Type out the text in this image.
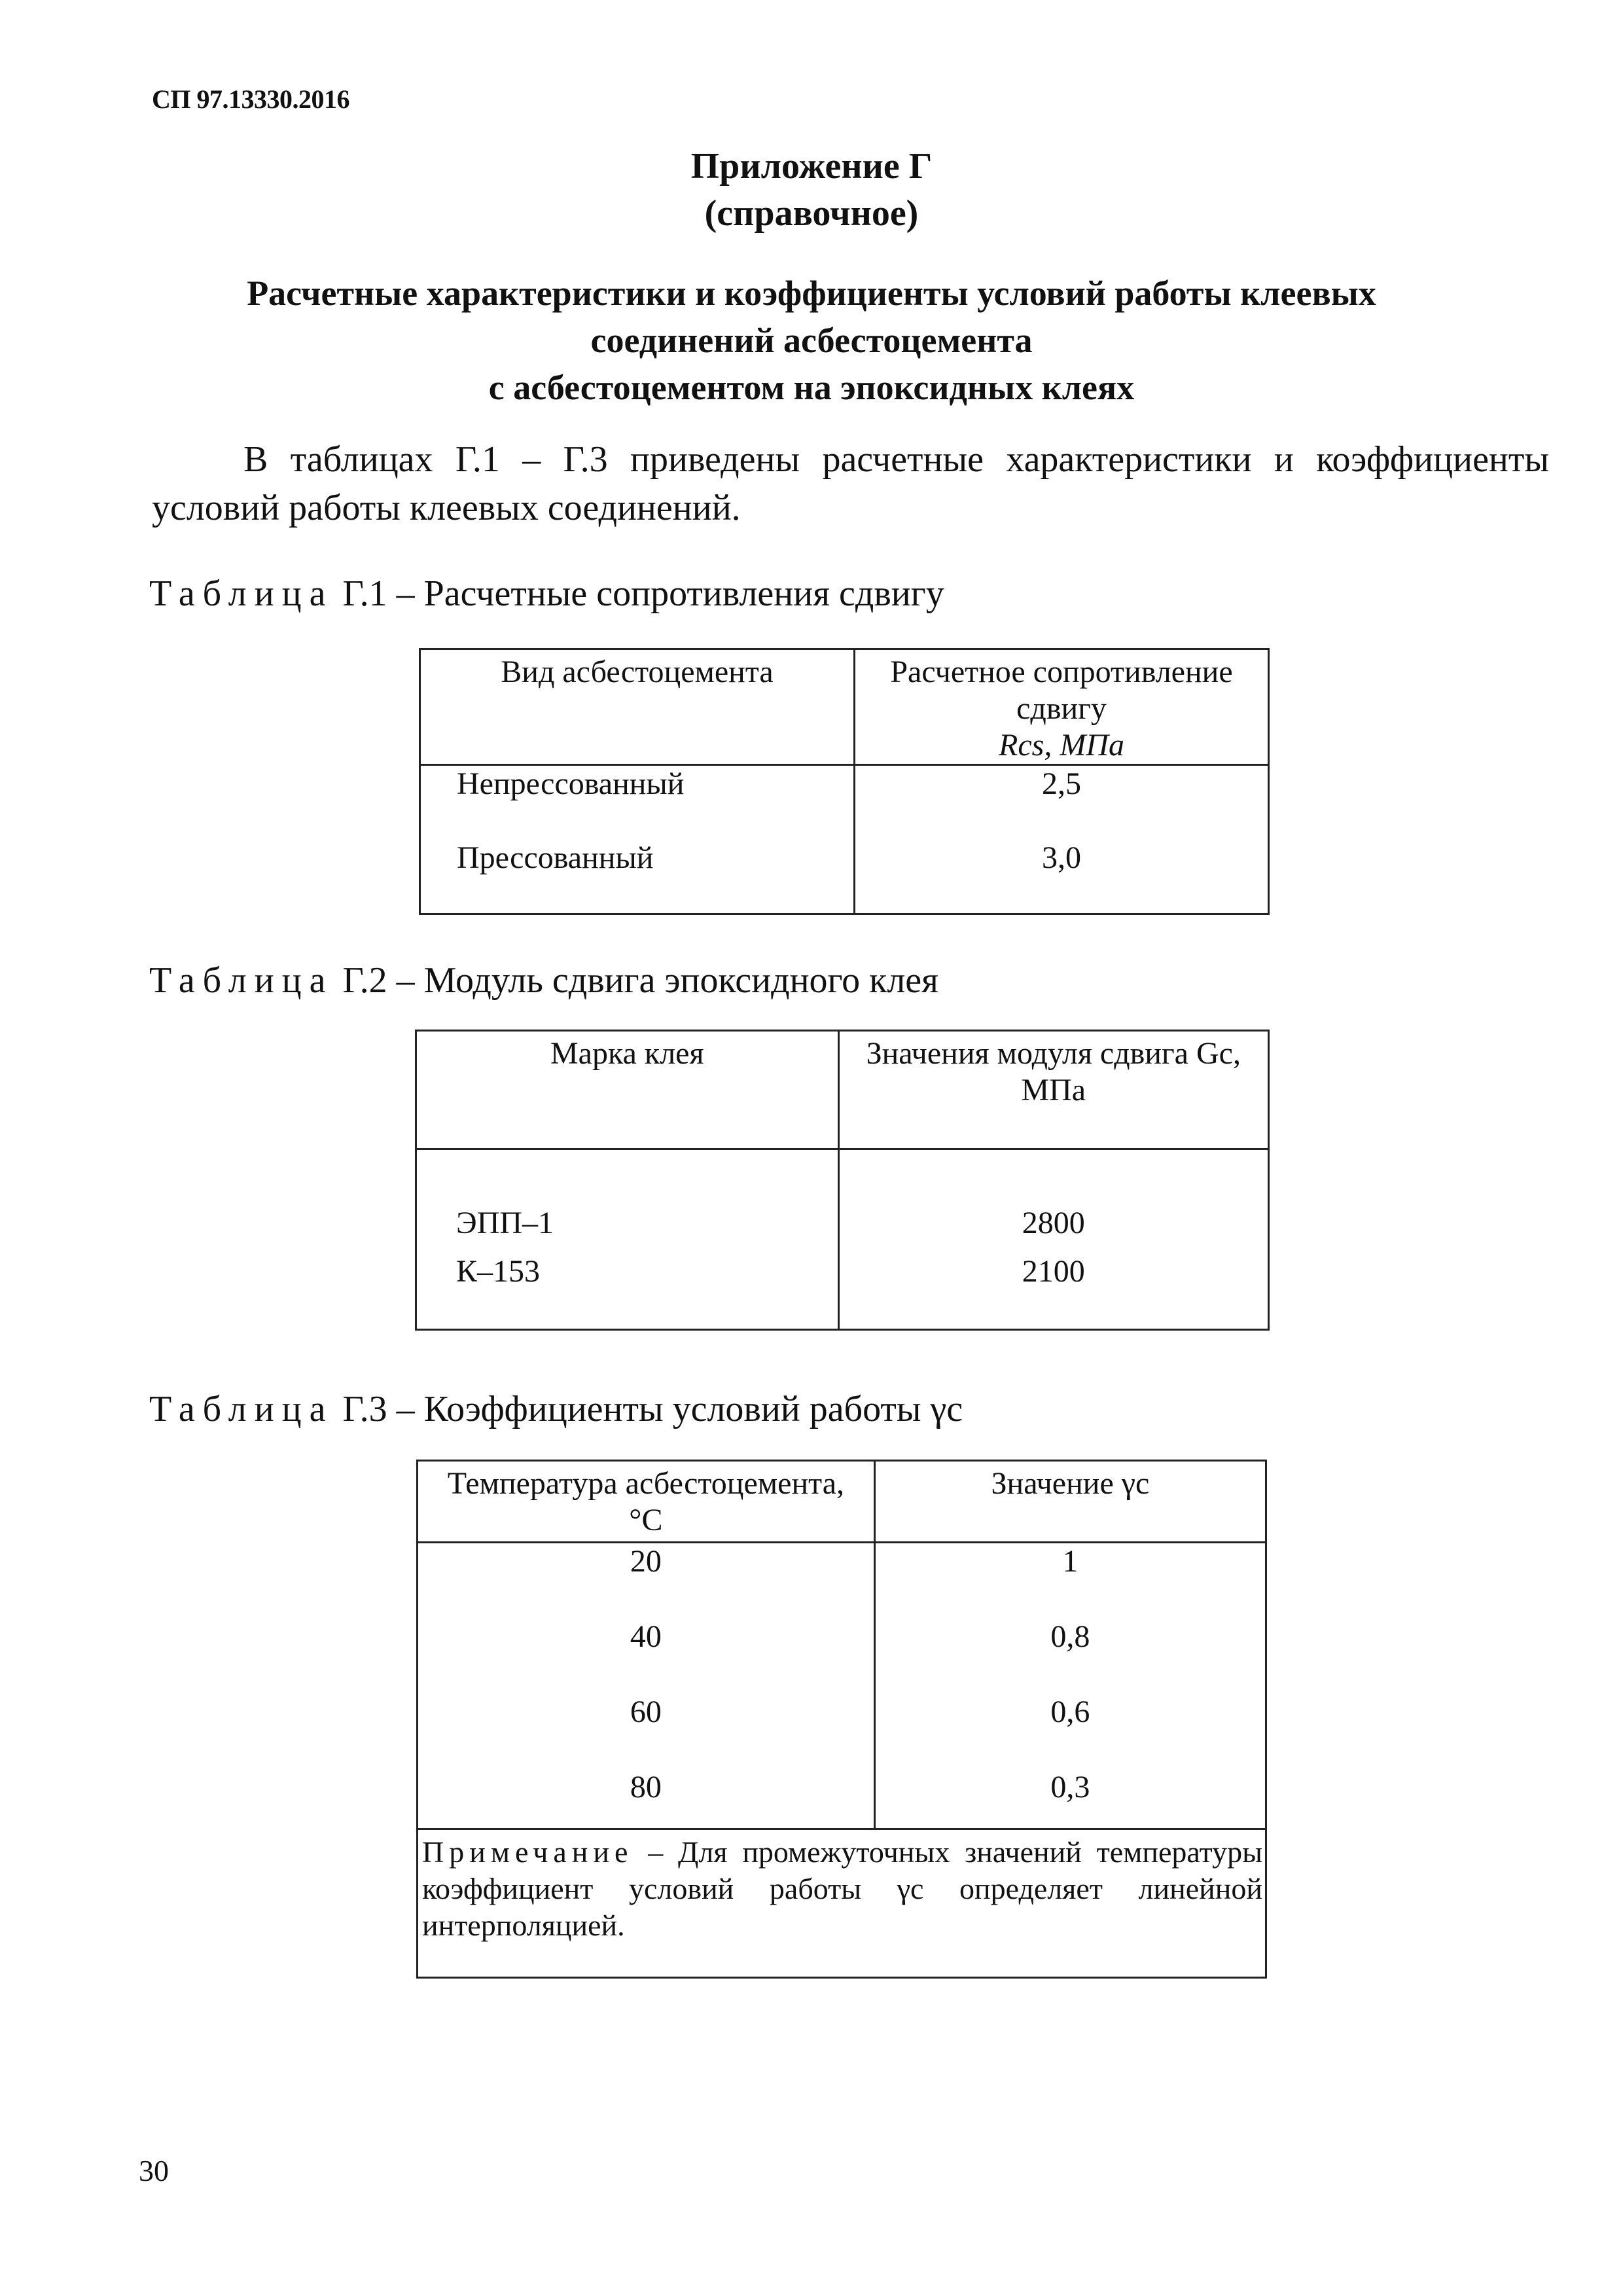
СП 97.13330.2016
Приложение Г
(справочное)
Расчетные характеристики и коэффициенты условий работы клеевых
соединений асбестоцемента
с асбестоцементом на эпоксидных клеях
В таблицах Г.1 – Г.3 приведены расчетные характеристики и коэффициенты условий работы клеевых соединений.
Таблица Г.1 – Расчетные сопротивления сдвигу
Вид асбестоцемента	Расчетное сопротивление
сдвигу
Rcs, МПа

Непрессованный	2,5
Прессованный	3,0
Таблица Г.2 – Модуль сдвига эпоксидного клея
Марка клея	Значения модуля сдвига Gc,
МПа

ЭПП–1	2800
К–153	2100
Таблица Г.3 – Коэффициенты условий работы γc
Температура асбестоцемента,
°С	Значение γc
20	1
40	0,8
60	0,6
80	0,3
Примечание – Для промежуточных значений температуры коэффициент условий работы γc определяет линейной интерполяцией.	
30
